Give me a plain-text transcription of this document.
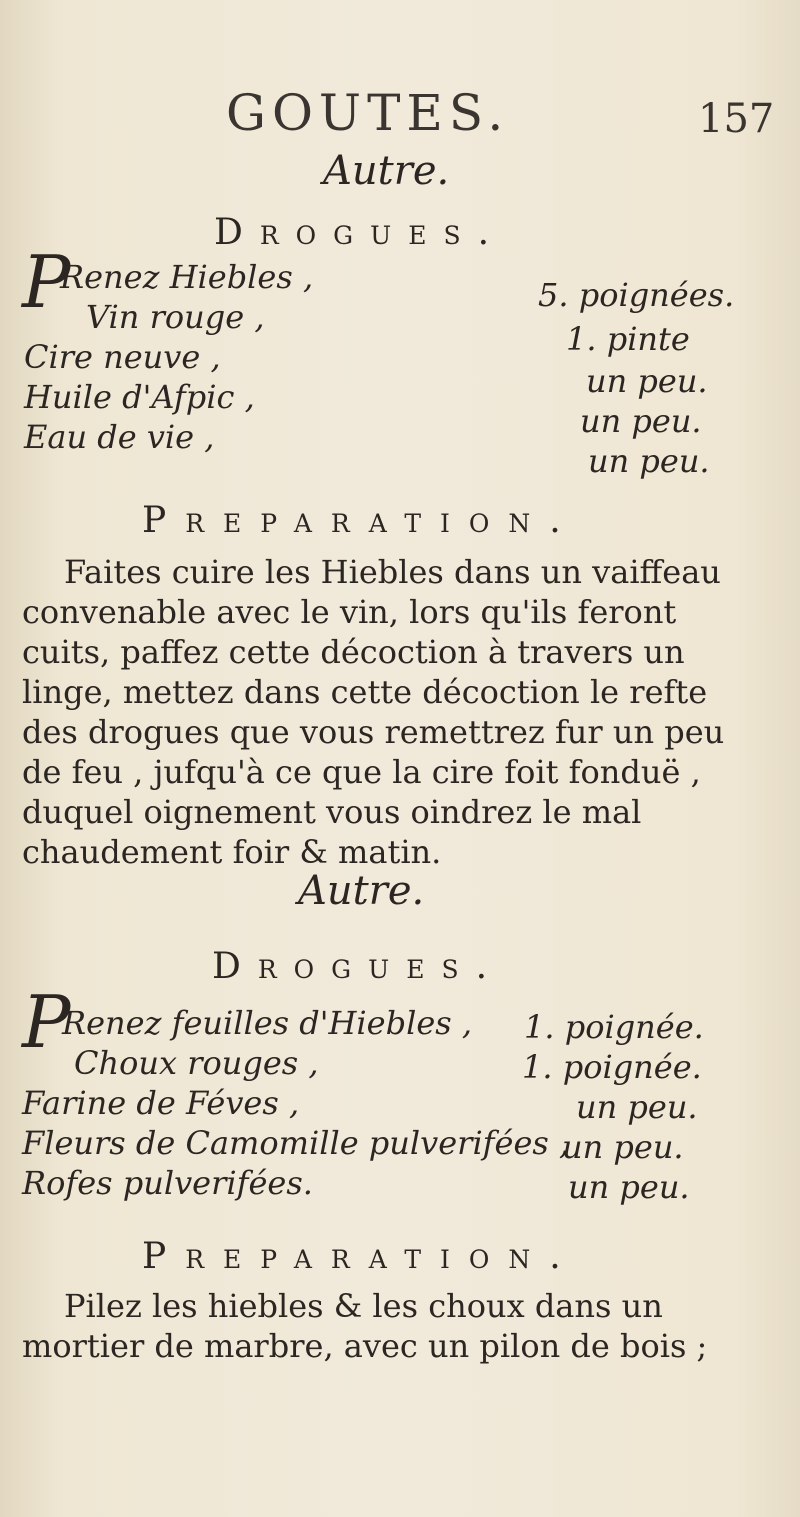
GOUTES.	157
Autre.
Drogues.
P
Renez Hiebles ,
Vin rouge ,
Cire neuve ,
Huile d'Afpic ,
Eau de vie ,
5. poignées.
1. pinte
un peu.
un peu.
un peu.
Preparation.
Faites cuire les Hiebles dans un vaiffeau
convenable avec le vin, lors qu'ils feront
cuits, paffez cette décoction à travers un
linge, mettez dans cette décoction le refte
des drogues que vous remettrez fur un peu
de feu , jufqu'à ce que la cire foit fonduë ,
duquel oignement vous oindrez le mal
chaudement foir & matin.
Autre.
Drogues.
P
Renez feuilles d'Hiebles ,
Choux rouges ,
Farine de Féves ,
Fleurs de Camomille pulverifées ,
Rofes pulverifées.
1. poignée.
1. poignée.
un peu.
un peu.
un peu.
Preparation.
Pilez les hiebles & les choux dans un
mortier de marbre, avec un pilon de bois ;
